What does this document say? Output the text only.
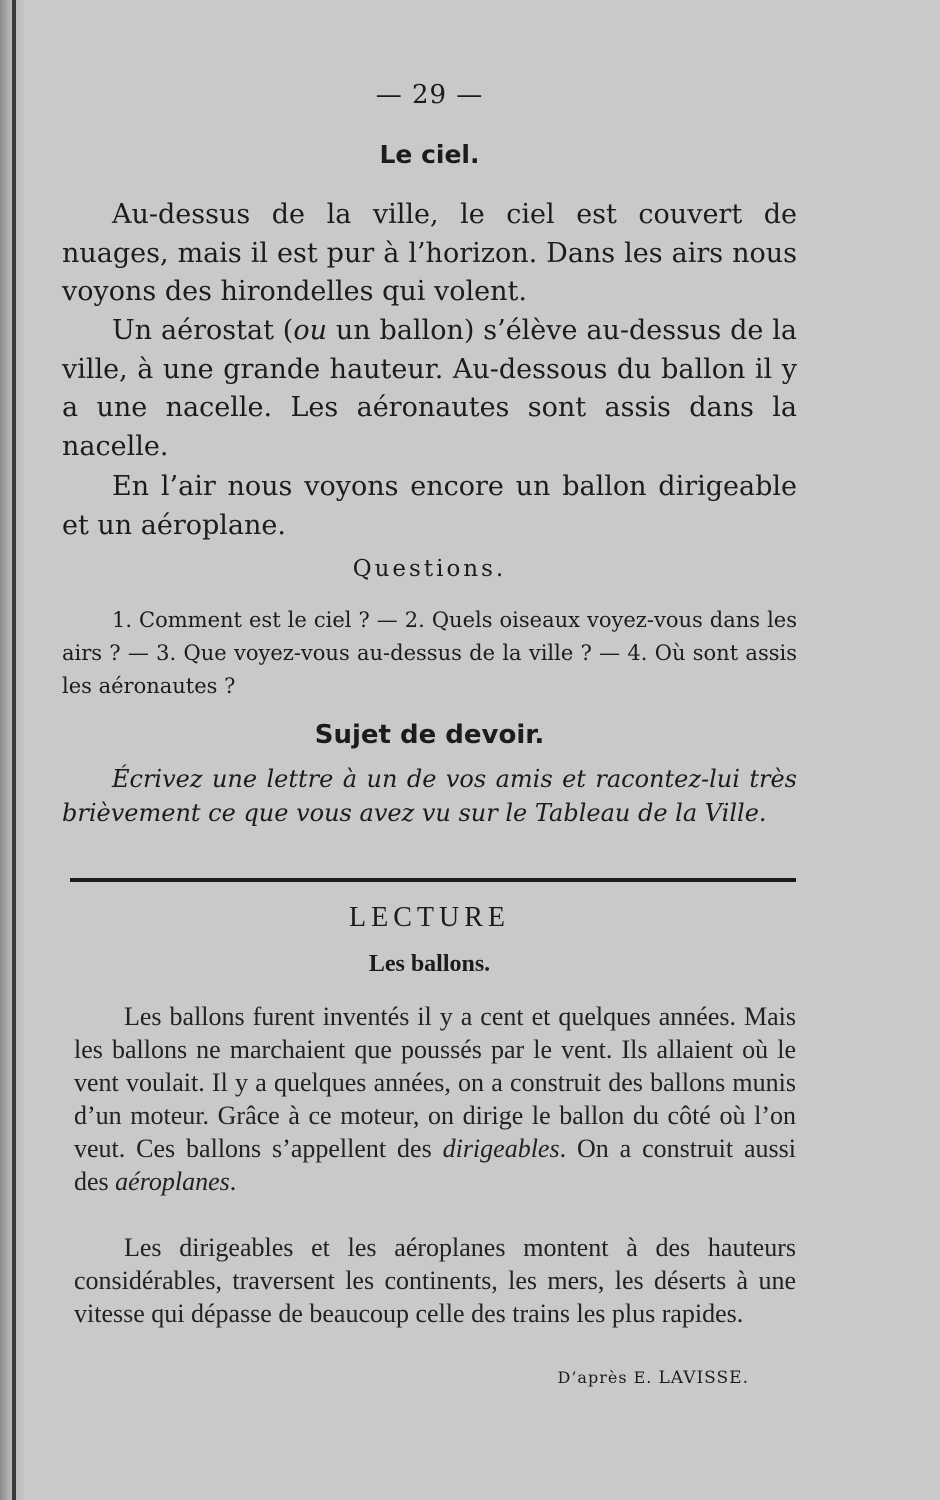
— 29 —
Le ciel.

Au-dessus de la ville, le ciel est couvert de nuages, mais il est pur à l’horizon. Dans les airs nous voyons des hirondelles qui volent.

Un aérostat (ou un ballon) s’élève au-dessus de la ville, à une grande hauteur. Au-dessous du ballon il y a une nacelle. Les aéronautes sont assis dans la nacelle.

En l’air nous voyons encore un ballon dirigeable et un aéroplane.

Questions.

1. Comment est le ciel ? — 2. Quels oiseaux voyez-vous dans les airs ? — 3. Que voyez-vous au-dessus de la ville ? — 4. Où sont assis les aéronautes ?

Sujet de devoir.

Écrivez une lettre à un de vos amis et racontez-lui très brièvement ce que vous avez vu sur le Tableau de la Ville.

LECTURE
Les ballons.

Les ballons furent inventés il y a cent et quelques années. Mais les ballons ne marchaient que poussés par le vent. Ils allaient où le vent voulait. Il y a quelques années, on a construit des ballons munis d’un moteur. Grâce à ce moteur, on dirige le ballon du côté où l’on veut. Ces ballons s’appellent des dirigeables. On a construit aussi des aéroplanes.

Les dirigeables et les aéroplanes montent à des hauteurs considérables, traversent les continents, les mers, les déserts à une vitesse qui dépasse de beaucoup celle des trains les plus rapides.

D’après E. LAVISSE.
